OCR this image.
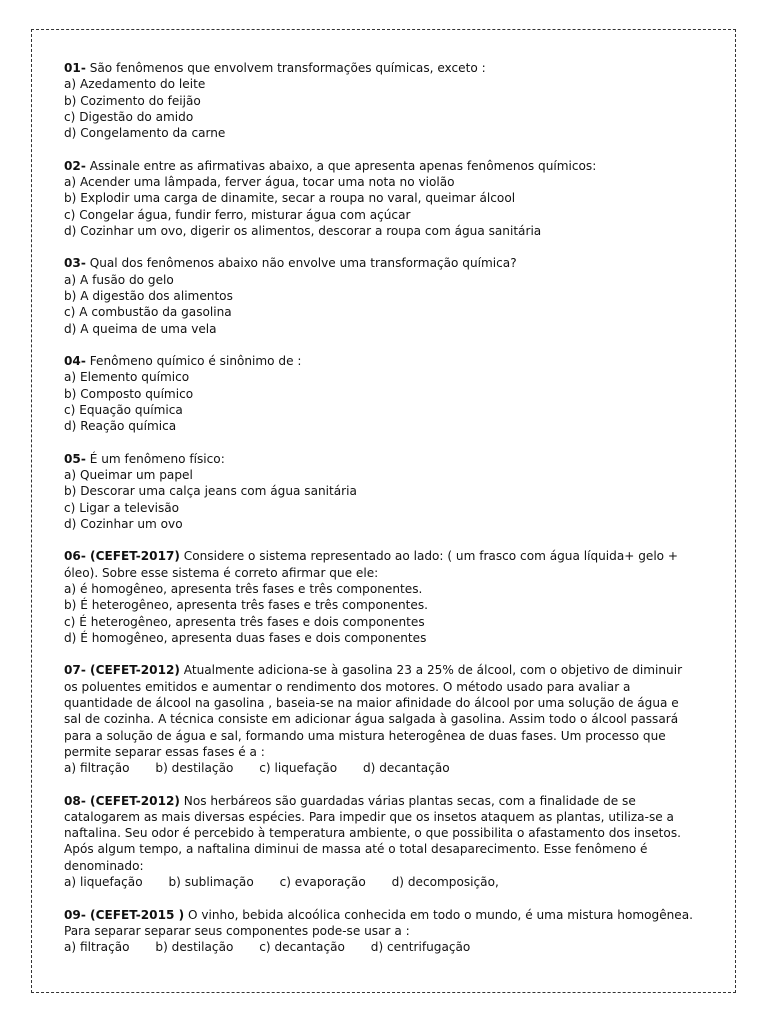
01- São fenômenos que envolvem transformações químicas, exceto :
a) Azedamento do leite
b) Cozimento do feijão
c) Digestão do amido
d) Congelamento da carne
02- Assinale entre as afirmativas abaixo, a que apresenta apenas fenômenos químicos:
a) Acender uma lâmpada, ferver água, tocar uma nota no violão
b) Explodir uma carga de dinamite, secar a roupa no varal, queimar álcool
c) Congelar água, fundir ferro, misturar água com açúcar
d) Cozinhar um ovo, digerir os alimentos, descorar a roupa com água sanitária
03- Qual dos fenômenos abaixo não envolve uma transformação química?
a) A fusão do gelo
b) A digestão dos alimentos
c) A combustão da gasolina
d) A queima de uma vela
04- Fenômeno químico é sinônimo de :
a) Elemento químico
b) Composto químico
c) Equação química
d) Reação química
05- É um fenômeno físico:
a) Queimar um papel
b) Descorar uma calça jeans com água sanitária
c) Ligar a televisão
d) Cozinhar um ovo
06- (CEFET-2017) Considere o sistema representado ao lado: ( um frasco com água líquida+ gelo + óleo). Sobre esse sistema é correto afirmar que ele:
a) é homogêneo, apresenta três fases e três componentes.
b) É heterogêneo, apresenta três fases e três componentes.
c) É heterogêneo, apresenta três fases e dois componentes
d) É homogêneo, apresenta duas fases e dois componentes
07- (CEFET-2012) Atualmente adiciona-se à gasolina 23 a 25% de álcool, com o objetivo de diminuir os poluentes emitidos e aumentar o rendimento dos motores. O método usado para avaliar a quantidade de álcool na gasolina , baseia-se na maior afinidade do álcool por uma solução de água e sal de cozinha. A técnica consiste em adicionar água salgada à gasolina. Assim todo o álcool passará para a solução de água e sal, formando uma mistura heterogênea de duas fases. Um processo que permite separar essas fases é a :
a) filtração b) destilação c) liquefação d) decantação
08- (CEFET-2012) Nos herbáreos são guardadas várias plantas secas, com a finalidade de se catalogarem as mais diversas espécies. Para impedir que os insetos ataquem as plantas, utiliza-se a naftalina. Seu odor é percebido à temperatura ambiente, o que possibilita o afastamento dos insetos. Após algum tempo, a naftalina diminui de massa até o total desaparecimento. Esse fenômeno é denominado:
a) liquefação b) sublimação c) evaporação d) decomposição,
09- (CEFET-2015 ) O vinho, bebida alcoólica conhecida em todo o mundo, é uma mistura homogênea. Para separar separar seus componentes pode-se usar a :
a) filtração b) destilação c) decantação d) centrifugação
